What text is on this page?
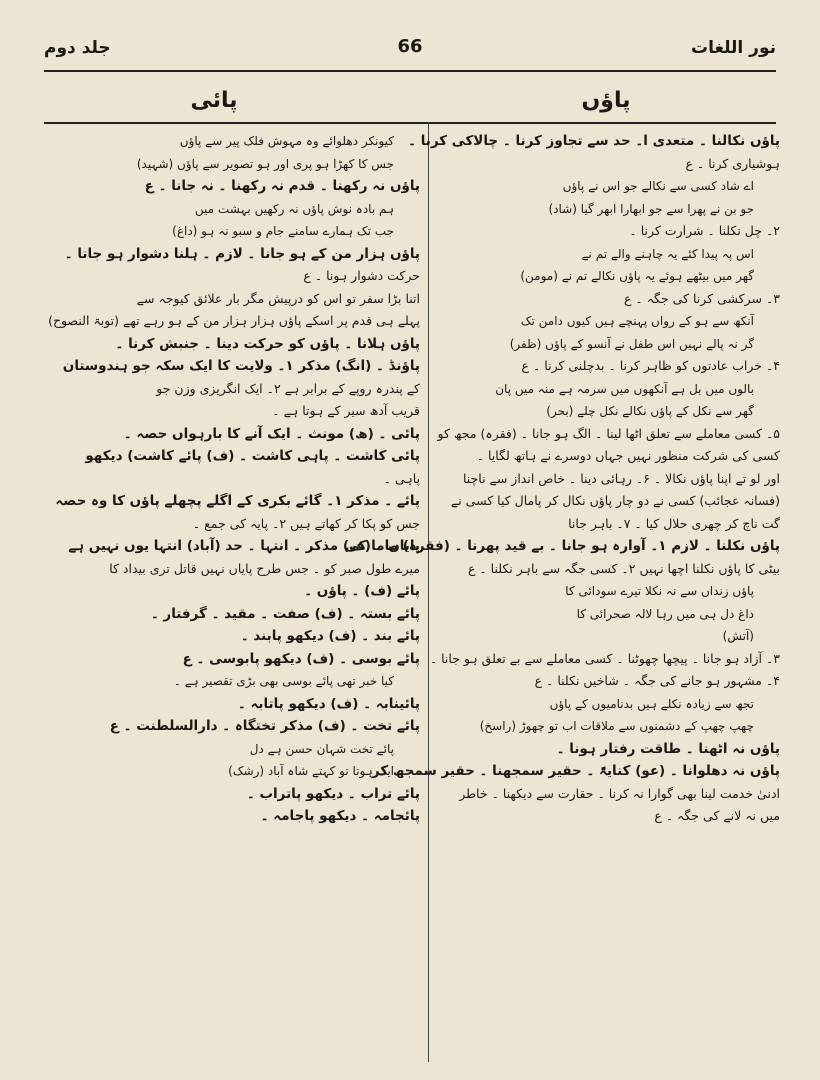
نور اللغات
66
جلد دوم
پاؤں
پائی
پاؤں نکالنا ۔ متعدی ا۔ حد سے تجاوز کرنا ۔ چالاکی کرنا ۔
ہوشیاری کرنا ۔ ع
اے شاد کسی سے نکالے جو اس نے پاؤں
جو بن نے پھرا سے جو ابھارا ابھر گیا (شاد)
۲۔ چل نکلنا ۔ شرارت کرنا ۔
اس پہ پیدا کئے یہ چاہنے والے تم نے
گھر میں بیٹھے ہوئے یہ پاؤں نکالے تم نے (مومن)
۳۔ سرکشی کرنا کی جگہ ۔ ع
آنکھ سے ہو کے رواں پہنچے ہیں کیوں دامن تک
گر نہ پالے نہیں اس طفل نے آنسو کے پاؤں (ظفر)
۴۔ خراب عادتوں کو ظاہر کرنا ۔ بدچلنی کرنا ۔ ع
بالوں میں بل ہے آنکھوں میں سرمہ ہے منہ میں پان
گھر سے نکل کے پاؤں نکالے نکل چلے (بحر)
۵۔ کسی معاملے سے تعلق اٹھا لینا ۔ الگ ہو جانا ۔ (فقرہ) مجھ کو
کسی کی شرکت منظور نہیں جہاں دوسرے نے ہاتھ لگایا ۔
اور لو تے اپنا پاؤں نکالا ۔ ۶۔ رہائی دینا ۔ خاص انداز سے ناچنا
(فسانہ عجائب) کسی نے دو چار پاؤں نکال کر پامال کیا کسی نے
گت ناچ کر چھری حلال کیا ۔ ۷۔ باہر جانا
پاؤں نکلنا ۔ لازم ۱۔ آوارہ ہو جانا ۔ بے قید پھرنا ۔ (فقرہ) ماما کی
بیٹی کا پاؤں نکلنا اچھا نہیں ۲۔ کسی جگہ سے باہر نکلنا ۔ ع
پاؤں زنداں سے نہ نکلا تیرے سودائی کا
داغ دل ہی میں رہا لالہ صحرائی کا
(آتش)
۳۔ آزاد ہو جانا ۔ پیچھا چھوٹنا ۔ کسی معاملے سے بے تعلق ہو جانا ۔
۴۔ مشہور ہو جانے کی جگہ ۔ شاخیں نکلنا ۔ ع
تجھ سے زیادہ نکلے ہیں بدنامیوں کے پاؤں
چھپ چھپ کے دشمنوں سے ملاقات اب تو چھوڑ (راسخ)
پاؤں نہ اٹھنا ۔ طاقت رفتار ہونا ۔
پاؤں نہ دھلوانا ۔ (عو) کنایۃً ۔ حقیر سمجھنا ۔ حقیر سمجھ کر
ادنیٰ خدمت لینا بھی گوارا نہ کرنا ۔ حقارت سے دیکھنا ۔ خاطر
میں نہ لانے کی جگہ ۔ ع
کیونکر دھلوائے وہ مہوش فلک پیر سے پاؤں
جس کا کھڑا ہو پری اور ہو تصویر سے پاؤں (شہید)
پاؤں نہ رکھنا ۔ قدم نہ رکھنا ۔ نہ جانا ۔ ع
ہم بادہ نوش پاؤں نہ رکھیں بہشت میں
جب تک ہمارے سامنے جام و سبو نہ ہو (داغ)
پاؤں ہزار من کے ہو جانا ۔ لازم ۔ ہلنا دشوار ہو جانا ۔
حرکت دشوار ہونا ۔ ع
اتنا بڑا سفر تو اس کو درپیش مگر بار علائق کیوجہ سے
پہلے ہی قدم پر اسکے پاؤں ہزار ہزار من کے ہو رہے تھے (توبۃ النصوح)
پاؤں ہلانا ۔ پاؤں کو حرکت دینا ۔ جنبش کرنا ۔
پاؤنڈ ۔ (انگ) مذکر ۱۔ ولایت کا ایک سکہ جو ہندوستان
کے پندرہ روپے کے برابر ہے ۲۔ ایک انگریزی وزن جو
قریب آدھ سیر کے ہوتا ہے ۔
پائی ۔ (ھ) مونث ۔ ایک آنے کا بارہواں حصہ ۔
پائی کاشت ۔ پاہی کاشت ۔ (ف) پائے کاشت) دیکھو
پاہی ۔
پائے ۔ مذکر ۱۔ گائے بکری کے اگلے پچھلے پاؤں کا وہ حصہ
جس کو پکا کر کھاتے ہیں ۲۔ پایہ کی جمع ۔
پایاں ۔ (ف) مذکر ۔ انتہا ۔ حد (آباد) انتہا یوں نہیں ہے
میرے طول صبر کو ۔ جس طرح پایاں نہیں قاتل تری بیداد کا
پائے (ف) ۔ پاؤں ۔
پائے بستہ ۔ (ف) صفت ۔ مقید ۔ گرفتار ۔
پائے بند ۔ (ف) دیکھو پابند ۔
پائے بوسی ۔ (ف) دیکھو پابوسی ۔ ع
کیا خبر تھی پائے بوسی بھی بڑی تقصیر ہے ۔
پائینابہ ۔ (ف) دیکھو پاتابہ ۔
پائے تخت ۔ (ف) مذکر تختگاہ ۔ دارالسلطنت ۔ ع
پائے تخت شہان حسن ہے دل
ایک ہوتا تو کہتے شاہ آباد (رشک)
پائے تراب ۔ دیکھو پاتراب ۔
پائجامہ ۔ دیکھو پاجامہ ۔
